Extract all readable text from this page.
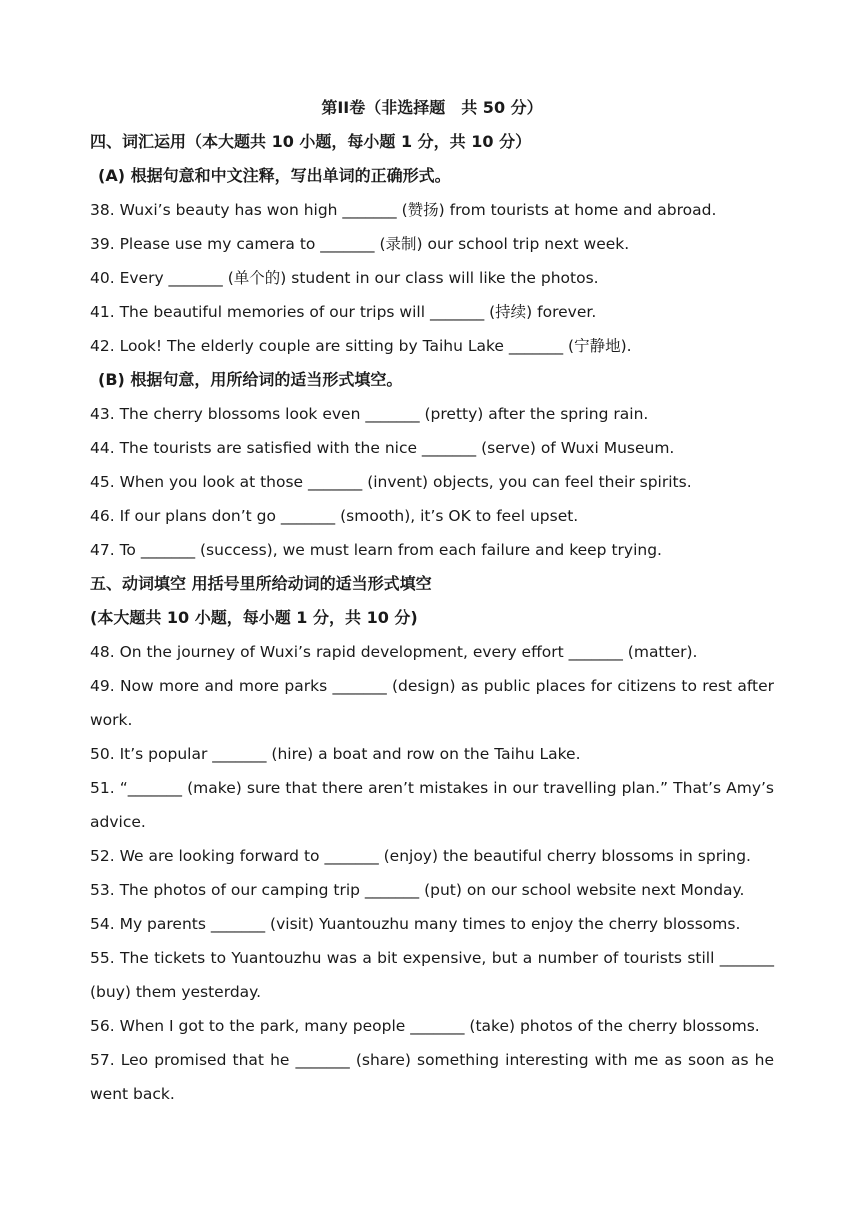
第II卷（非选择题　共 50 分）
四、词汇运用（本大题共 10 小题，每小题 1 分，共 10 分）
(A) 根据句意和中文注释，写出单词的正确形式。
38. Wuxi’s beauty has won high _______ (赞扬) from tourists at home and abroad.
39. Please use my camera to _______ (录制) our school trip next week.
40. Every _______ (单个的) student in our class will like the photos.
41. The beautiful memories of our trips will _______ (持续) forever.
42. Look! The elderly couple are sitting by Taihu Lake _______ (宁静地).
(B) 根据句意，用所给词的适当形式填空。
43. The cherry blossoms look even _______ (pretty) after the spring rain.
44. The tourists are satisfied with the nice _______ (serve) of Wuxi Museum.
45. When you look at those _______ (invent) objects, you can feel their spirits.
46. If our plans don’t go _______ (smooth), it’s OK to feel upset.
47. To _______ (success), we must learn from each failure and keep trying.
五、动词填空 用括号里所给动词的适当形式填空
(本大题共 10 小题，每小题 1 分，共 10 分)
48. On the journey of Wuxi’s rapid development, every effort _______ (matter).
49. Now more and more parks _______ (design) as public places for citizens to rest after work.
50. It’s popular _______ (hire) a boat and row on the Taihu Lake.
51. “_______ (make) sure that there aren’t mistakes in our travelling plan.” That’s Amy’s advice.
52. We are looking forward to _______ (enjoy) the beautiful cherry blossoms in spring.
53. The photos of our camping trip _______ (put) on our school website next Monday.
54. My parents _______ (visit) Yuantouzhu many times to enjoy the cherry blossoms.
55. The tickets to Yuantouzhu was a bit expensive, but a number of tourists still _______ (buy) them yesterday.
56. When I got to the park, many people _______ (take) photos of the cherry blossoms.
57. Leo promised that he _______ (share) something interesting with me as soon as he went back.
